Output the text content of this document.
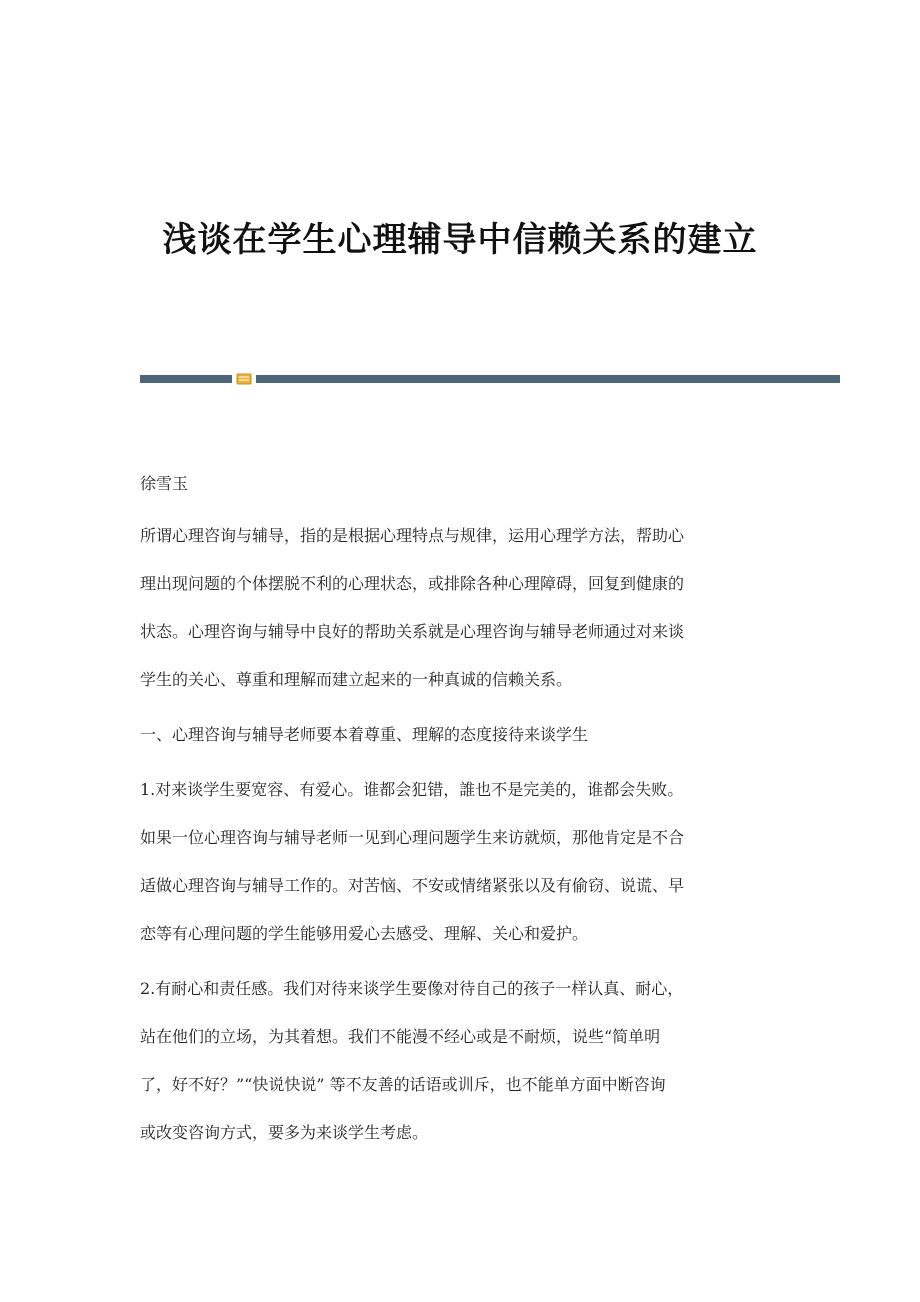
浅谈在学生心理辅导中信赖关系的建立
徐雪玉
所谓心理咨询与辅导，指的是根据心理特点与规律，运用心理学方法，帮助心
理出现问题的个体摆脱不利的心理状态，或排除各种心理障碍，回复到健康的
状态。心理咨询与辅导中良好的帮助关系就是心理咨询与辅导老师通过对来谈
学生的关心、尊重和理解而建立起来的一种真诚的信赖关系。
一、心理咨询与辅导老师要本着尊重、理解的态度接待来谈学生
1.对来谈学生要宽容、有爱心。谁都会犯错，誰也不是完美的，谁都会失败。
如果一位心理咨询与辅导老师一见到心理问题学生来访就烦，那他肯定是不合
适做心理咨询与辅导工作的。对苦恼、不安或情绪紧张以及有偷窃、说谎、早
恋等有心理问题的学生能够用爱心去感受、理解、关心和爱护。
2.有耐心和责任感。我们对待来谈学生要像对待自己的孩子一样认真、耐心，
站在他们的立场，为其着想。我们不能漫不经心或是不耐烦，说些“简单明
了，好不好？”“快说快说” 等不友善的话语或训斥，也不能单方面中断咨询
或改变咨询方式，要多为来谈学生考虑。
